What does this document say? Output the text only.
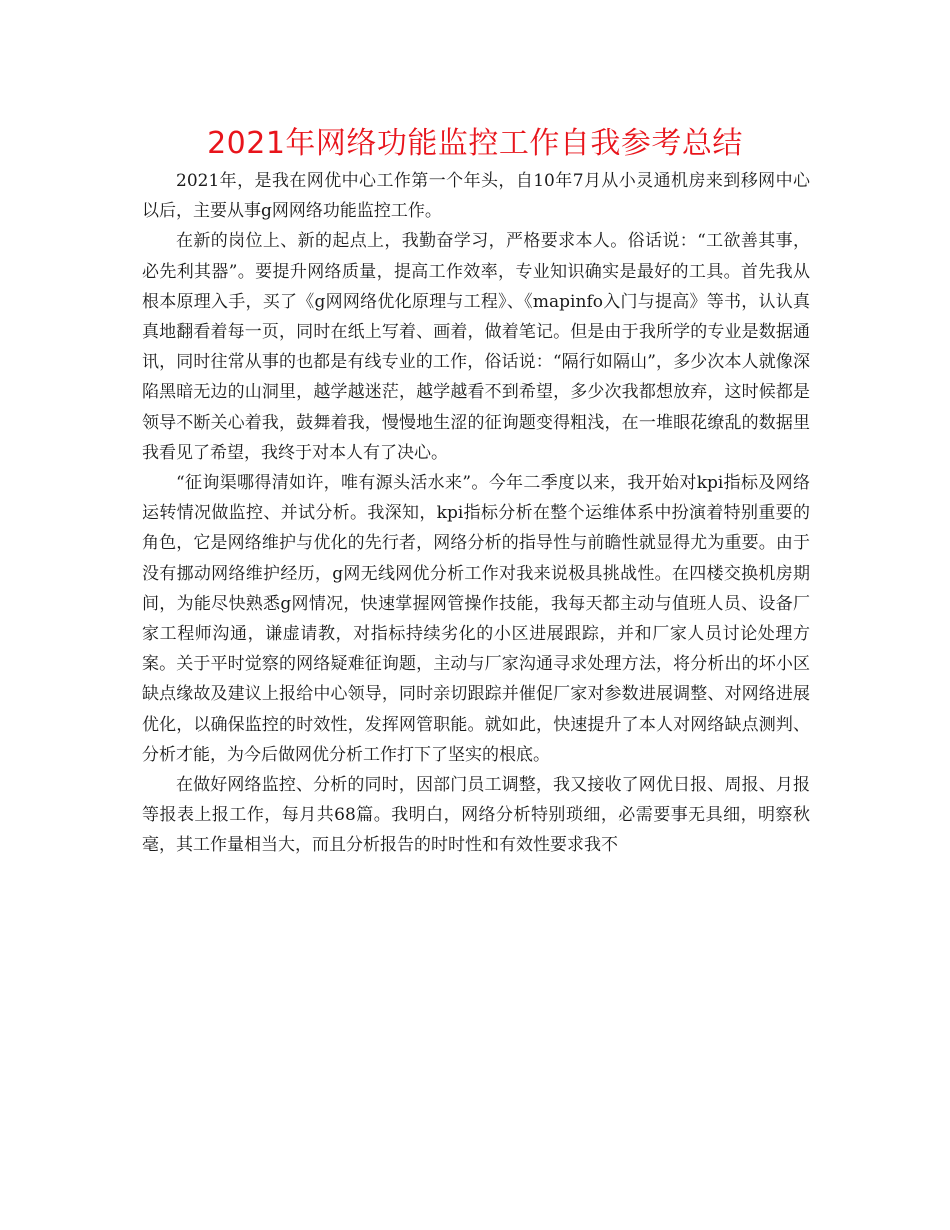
2021年网络功能监控工作自我参考总结

2021年，是我在网优中心工作第一个年头，自10年7月从小灵通机房来到移网中心以后，主要从事g网网络功能监控工作。

在新的岗位上、新的起点上，我勤奋学习，严格要求本人。俗话说：“工欲善其事，必先利其器”。要提升网络质量，提高工作效率，专业知识确实是最好的工具。首先我从根本原理入手，买了《g网网络优化原理与工程》、《mapinfo入门与提高》等书，认认真真地翻看着每一页，同时在纸上写着、画着，做着笔记。但是由于我所学的专业是数据通讯，同时往常从事的也都是有线专业的工作，俗话说：“隔行如隔山”，多少次本人就像深陷黑暗无边的山洞里，越学越迷茫，越学越看不到希望，多少次我都想放弃，这时候都是领导不断关心着我，鼓舞着我，慢慢地生涩的征询题变得粗浅，在一堆眼花缭乱的数据里我看见了希望，我终于对本人有了决心。

“征询渠哪得清如许，唯有源头活水来”。今年二季度以来，我开始对kpi指标及网络运转情况做监控、并试分析。我深知，kpi指标分析在整个运维体系中扮演着特别重要的角色，它是网络维护与优化的先行者，网络分析的指导性与前瞻性就显得尤为重要。由于没有挪动网络维护经历，g网无线网优分析工作对我来说极具挑战性。在四楼交换机房期间，为能尽快熟悉g网情况，快速掌握网管操作技能，我每天都主动与值班人员、设备厂家工程师沟通，谦虚请教，对指标持续劣化的小区进展跟踪，并和厂家人员讨论处理方案。关于平时觉察的网络疑难征询题，主动与厂家沟通寻求处理方法，将分析出的坏小区缺点缘故及建议上报给中心领导，同时亲切跟踪并催促厂家对参数进展调整、对网络进展优化，以确保监控的时效性，发挥网管职能。就如此，快速提升了本人对网络缺点测判、分析才能，为今后做网优分析工作打下了坚实的根底。

在做好网络监控、分析的同时，因部门员工调整，我又接收了网优日报、周报、月报等报表上报工作，每月共68篇。我明白，网络分析特别琐细，必需要事无具细，明察秋毫，其工作量相当大，而且分析报告的时时性和有效性要求我不
